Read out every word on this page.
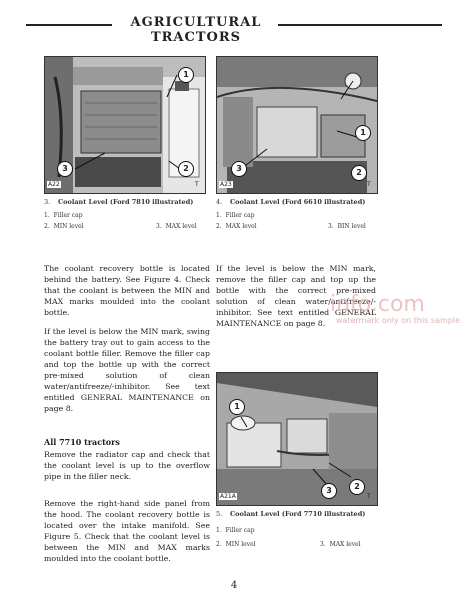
AGRICULTURAL TRACTORS
1
2
3
A22	T
3. Coolant Level (Ford 7810 illustrated)
1. Filler cap
2. MIN level	3. MAX level
1
2
3
A23	T
4. Coolant Level (Ford 6610 illustrated)
1. Filler cap
2. MAX level	3. BIN level
The coolant recovery bottle is located behind the battery. See Figure 4. Check that the coolant is between the MIN and MAX marks moulded into the coolant bottle.
If the level is below the MIN mark, swing the battery tray out to gain access to the coolant bottle filler. Remove the filler cap and top the bottle up with the correct pre-mixed solution of clean water/antifreeze/-inhibitor. See text entitled GENERAL MAINTENANCE on page 8.
All 7710 tractors
Remove the radiator cap and check that the coolant level is up to the overflow pipe in the filler neck.
Remove the right-hand side panel from the hood. The coolant recovery bottle is located over the intake manifold. See Figure 5. Check that the coolant level is between the MIN and MAX marks moulded into the coolant bottle.
If the level is below the MIN mark, remove the filler cap and top up the bottle with the correct pre-mixed solution of clean water/antifreeze/-inhibitor. See text entitled GENERAL MAINTENANCE on page 8.
info.com
watermark only on this sample
1
2
3
A21A	T
5. Coolant Level (Ford 7710 illustrated)
1. Filler cap
2. MIN level	3. MAX level
4
